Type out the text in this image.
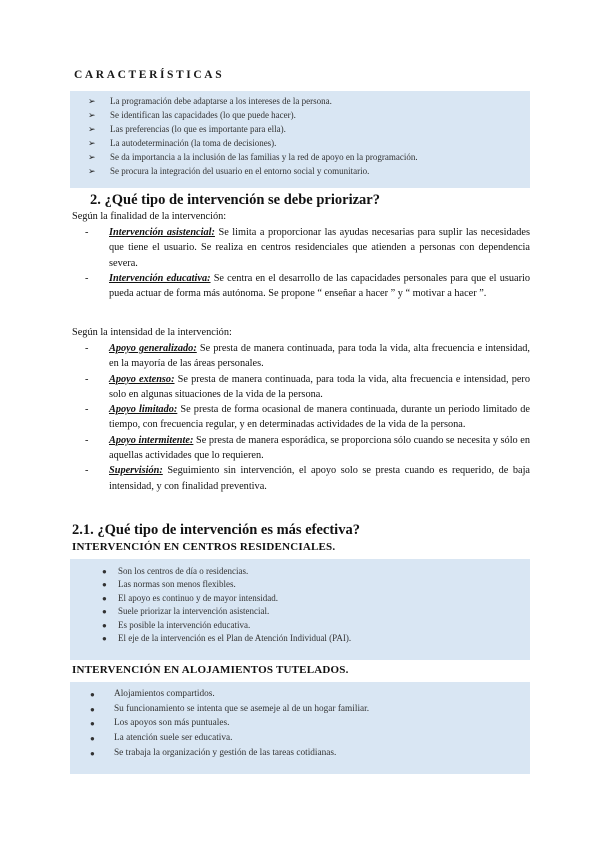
CARACTERÍSTICAS
➢	La programación debe adaptarse a los intereses de la persona.
➢	Se identifican las capacidades (lo que puede hacer).
➢	Las preferencias (lo que es importante para ella).
➢	La autodeterminación (la toma de decisiones).
➢	Se da importancia a la inclusión de las familias y la red de apoyo en la programación.
➢	Se procura la integración del usuario en el entorno social y comunitario.
2. ¿Qué tipo de intervención se debe priorizar?
Según la finalidad de la intervención:
-	Intervención asistencial: Se limita a proporcionar las ayudas necesarias para suplir las necesidades que tiene el usuario. Se realiza en centros residenciales que atienden a personas con dependencia severa.
-	Intervención educativa: Se centra en el desarrollo de las capacidades personales para que el usuario pueda actuar de forma más autónoma. Se propone “ enseñar a hacer ” y “ motivar a hacer ”.
Según la intensidad de la intervención:
-	Apoyo generalizado: Se presta de manera continuada, para toda la vida, alta frecuencia e intensidad, en la mayoría de las áreas personales.
-	Apoyo extenso: Se presta de manera continuada, para toda la vida, alta frecuencia e intensidad, pero solo en algunas situaciones de la vida de la persona.
-	Apoyo limitado: Se presta de forma ocasional de manera continuada, durante un periodo limitado de tiempo, con frecuencia regular, y en determinadas actividades de la vida de la persona.
-	Apoyo intermitente: Se presta de manera esporádica, se proporciona sólo cuando se necesita y sólo en aquellas actividades que lo requieren.
-	Supervisión: Seguimiento sin intervención, el apoyo solo se presta cuando es requerido, de baja intensidad, y con finalidad preventiva.
2.1. ¿Qué tipo de intervención es más efectiva?
INTERVENCIÓN EN CENTROS RESIDENCIALES.
●	Son los centros de día o residencias.
●	Las normas son menos flexibles.
●	El apoyo es continuo y de mayor intensidad.
●	Suele priorizar la intervención asistencial.
●	Es posible la intervención educativa.
●	El eje de la intervención es el Plan de Atención Individual (PAI).
INTERVENCIÓN EN ALOJAMIENTOS TUTELADOS.
●	Alojamientos compartidos.
●	Su funcionamiento se intenta que se asemeje al de un hogar familiar.
●	Los apoyos son más puntuales.
●	La atención suele ser educativa.
●	Se trabaja la organización y gestión de las tareas cotidianas.
